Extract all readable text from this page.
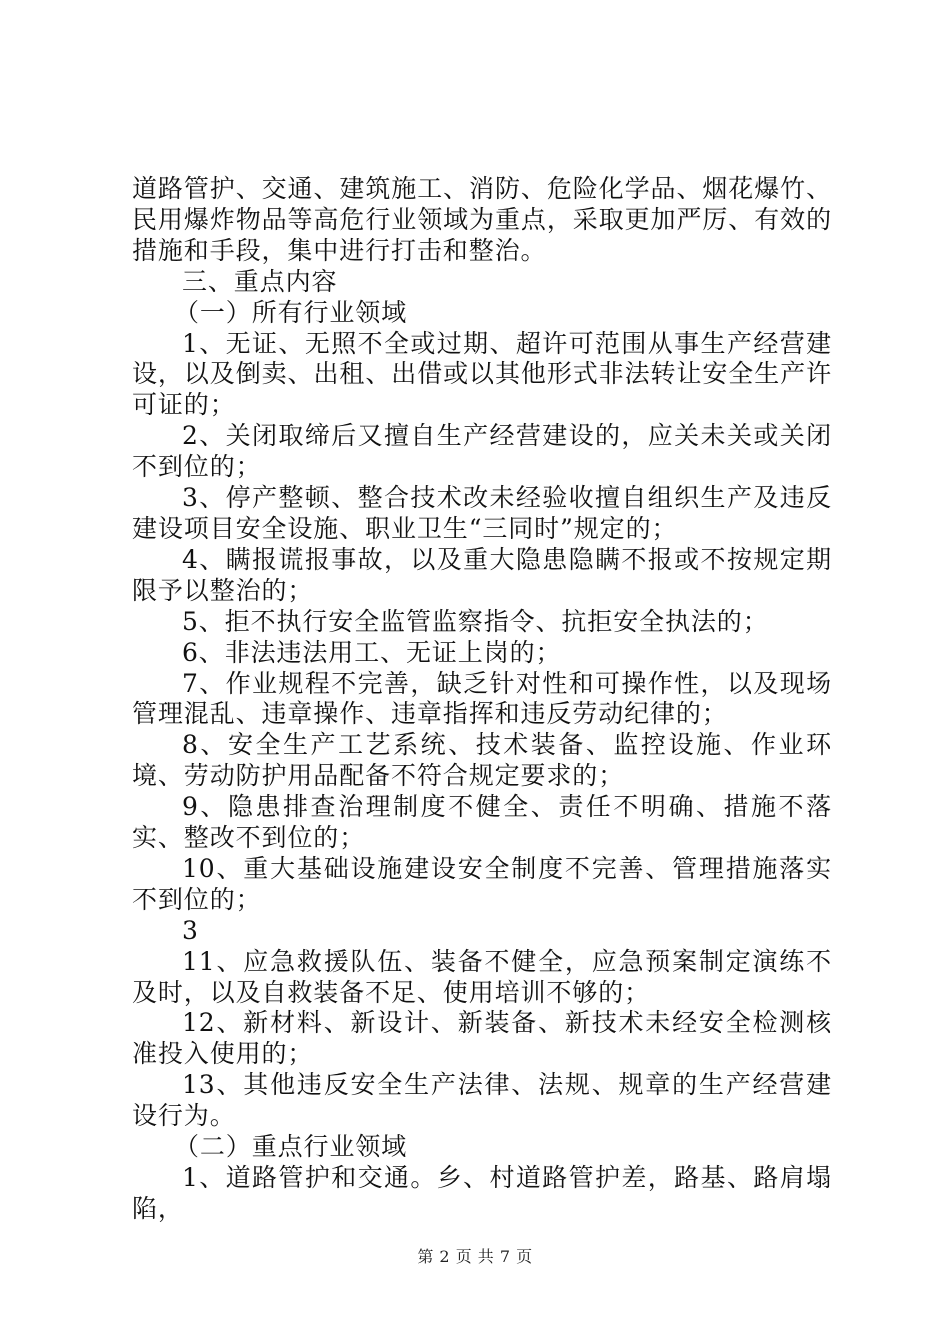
道路管护、交通、建筑施工、消防、危险化学品、烟花爆竹、民用爆炸物品等高危行业领域为重点，采取更加严厉、有效的措施和手段，集中进行打击和整治。

三、重点内容

（一）所有行业领域

1、无证、无照不全或过期、超许可范围从事生产经营建设，以及倒卖、出租、出借或以其他形式非法转让安全生产许可证的；

2、关闭取缔后又擅自生产经营建设的，应关未关或关闭不到位的；

3、停产整顿、整合技术改未经验收擅自组织生产及违反建设项目安全设施、职业卫生“三同时”规定的；

4、瞒报谎报事故，以及重大隐患隐瞒不报或不按规定期限予以整治的；

5、拒不执行安全监管监察指令、抗拒安全执法的；

6、非法违法用工、无证上岗的；

7、作业规程不完善，缺乏针对性和可操作性，以及现场管理混乱、违章操作、违章指挥和违反劳动纪律的；

8、安全生产工艺系统、技术装备、监控设施、作业环境、劳动防护用品配备不符合规定要求的；

9、隐患排查治理制度不健全、责任不明确、措施不落实、整改不到位的；

10、重大基础设施建设安全制度不完善、管理措施落实不到位的；

3

11、应急救援队伍、装备不健全，应急预案制定演练不及时，以及自救装备不足、使用培训不够的；

12、新材料、新设计、新装备、新技术未经安全检测核准投入使用的；

13、其他违反安全生产法律、法规、规章的生产经营建设行为。

（二）重点行业领域

1、道路管护和交通。乡、村道路管护差，路基、路肩塌陷，

第 2 页 共 7 页
